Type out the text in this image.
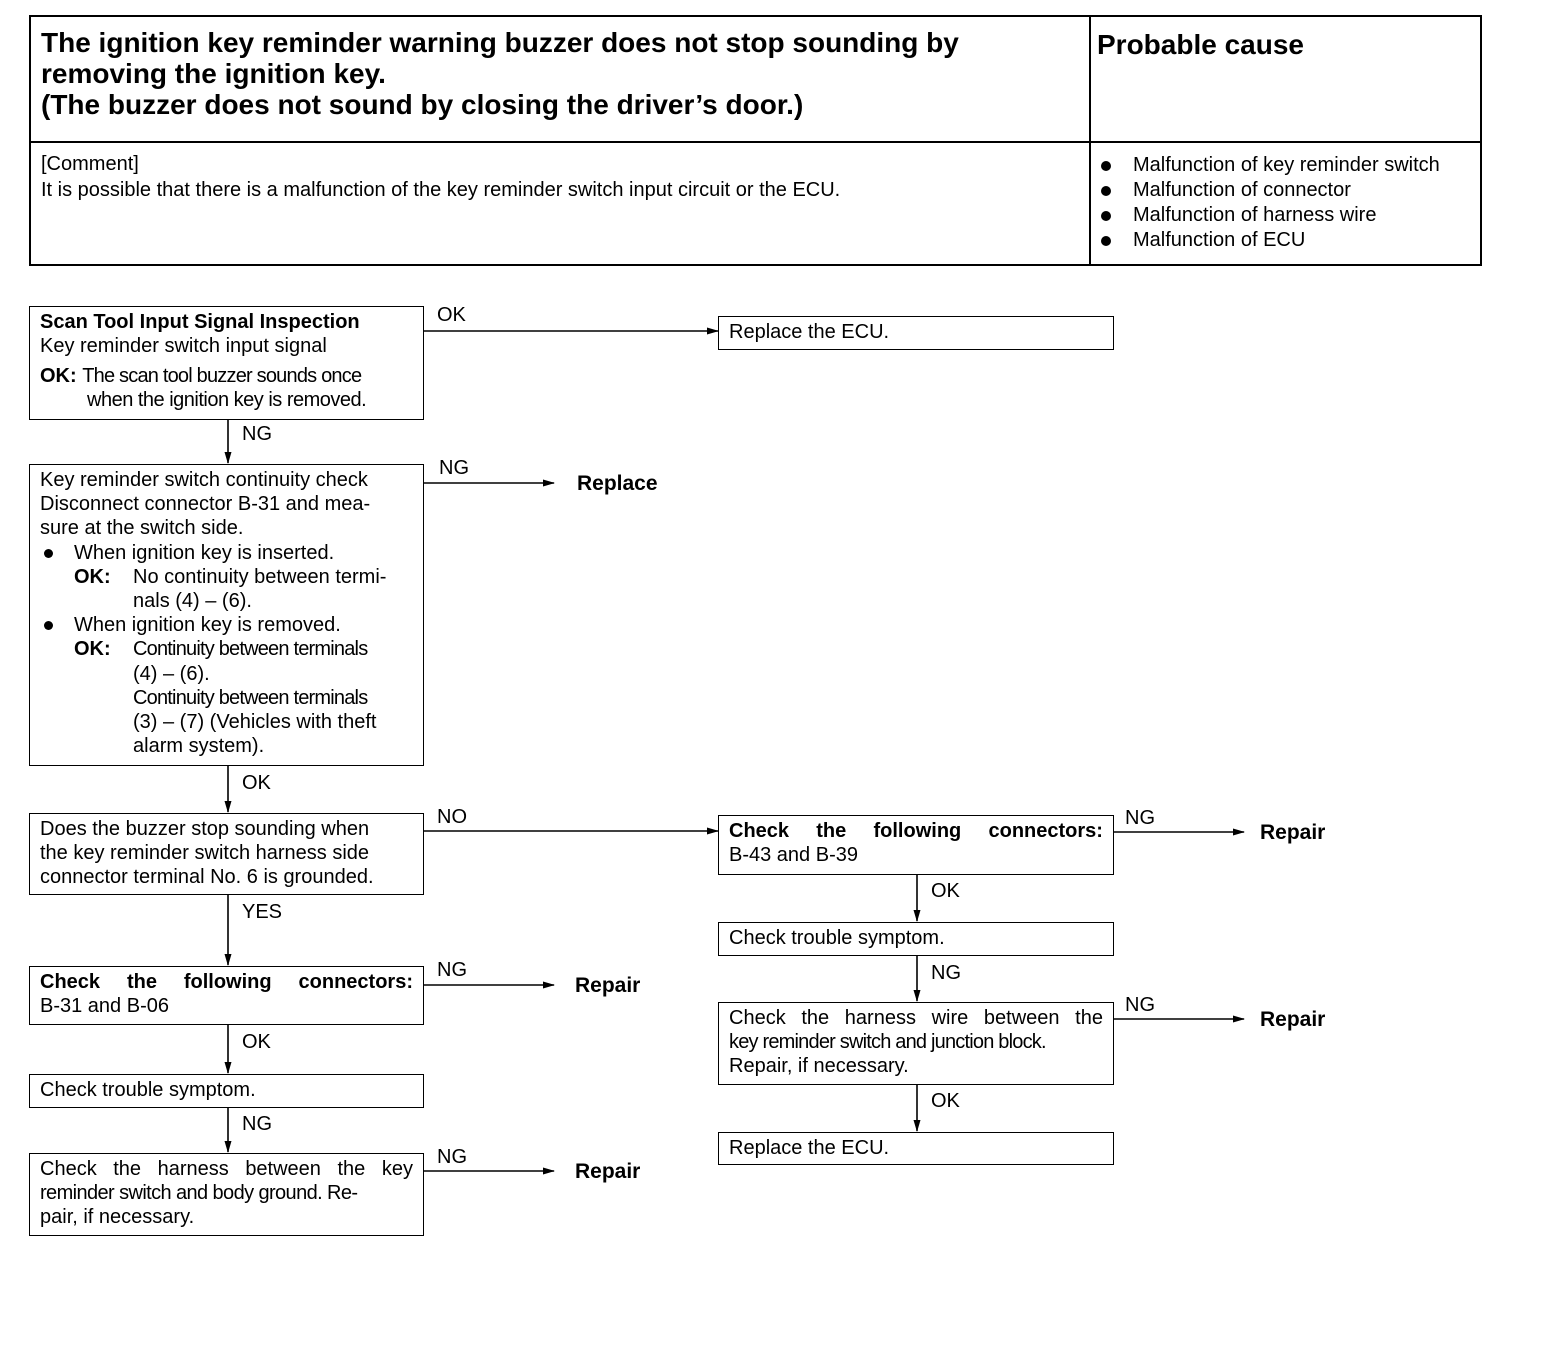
The ignition key reminder warning buzzer does not stop sounding by
removing the ignition key.
(The buzzer does not sound by closing the driver’s door.)
Probable cause
[Comment]
It is possible that there is a malfunction of the key reminder switch input circuit or the ECU.
Malfunction of key reminder switch
Malfunction of connector
Malfunction of harness wire
Malfunction of ECU
OK
NG
NG
OK
NO
YES
NG
OK
NG
NG
NG
OK
NG
NG
OK
Replace
Repair
Repair
Repair
Repair
Scan Tool Input Signal Inspection
Key reminder switch input signal
OK: The scan tool buzzer sounds once
when the ignition key is removed.
Replace the ECU.
Key reminder switch continuity check
Disconnect connector B-31 and mea-
sure at the switch side.
When ignition key is inserted.
OK: No continuity between termi-
nals (4) – (6).
When ignition key is removed.
OK: Continuity between terminals
(4) – (6).
Continuity between terminals
(3) – (7) (Vehicles with theft
alarm system).
Does the buzzer stop sounding when
the key reminder switch harness side
connector terminal No. 6 is grounded.
Check the following connectors:
B-31 and B-06
Check trouble symptom.
Check the harness between the key
reminder switch and body ground. Re-
pair, if necessary.
Check the following connectors:
B-43 and B-39
Check trouble symptom.
Check the harness wire between the
key reminder switch and junction block.
Repair, if necessary.
Replace the ECU.
